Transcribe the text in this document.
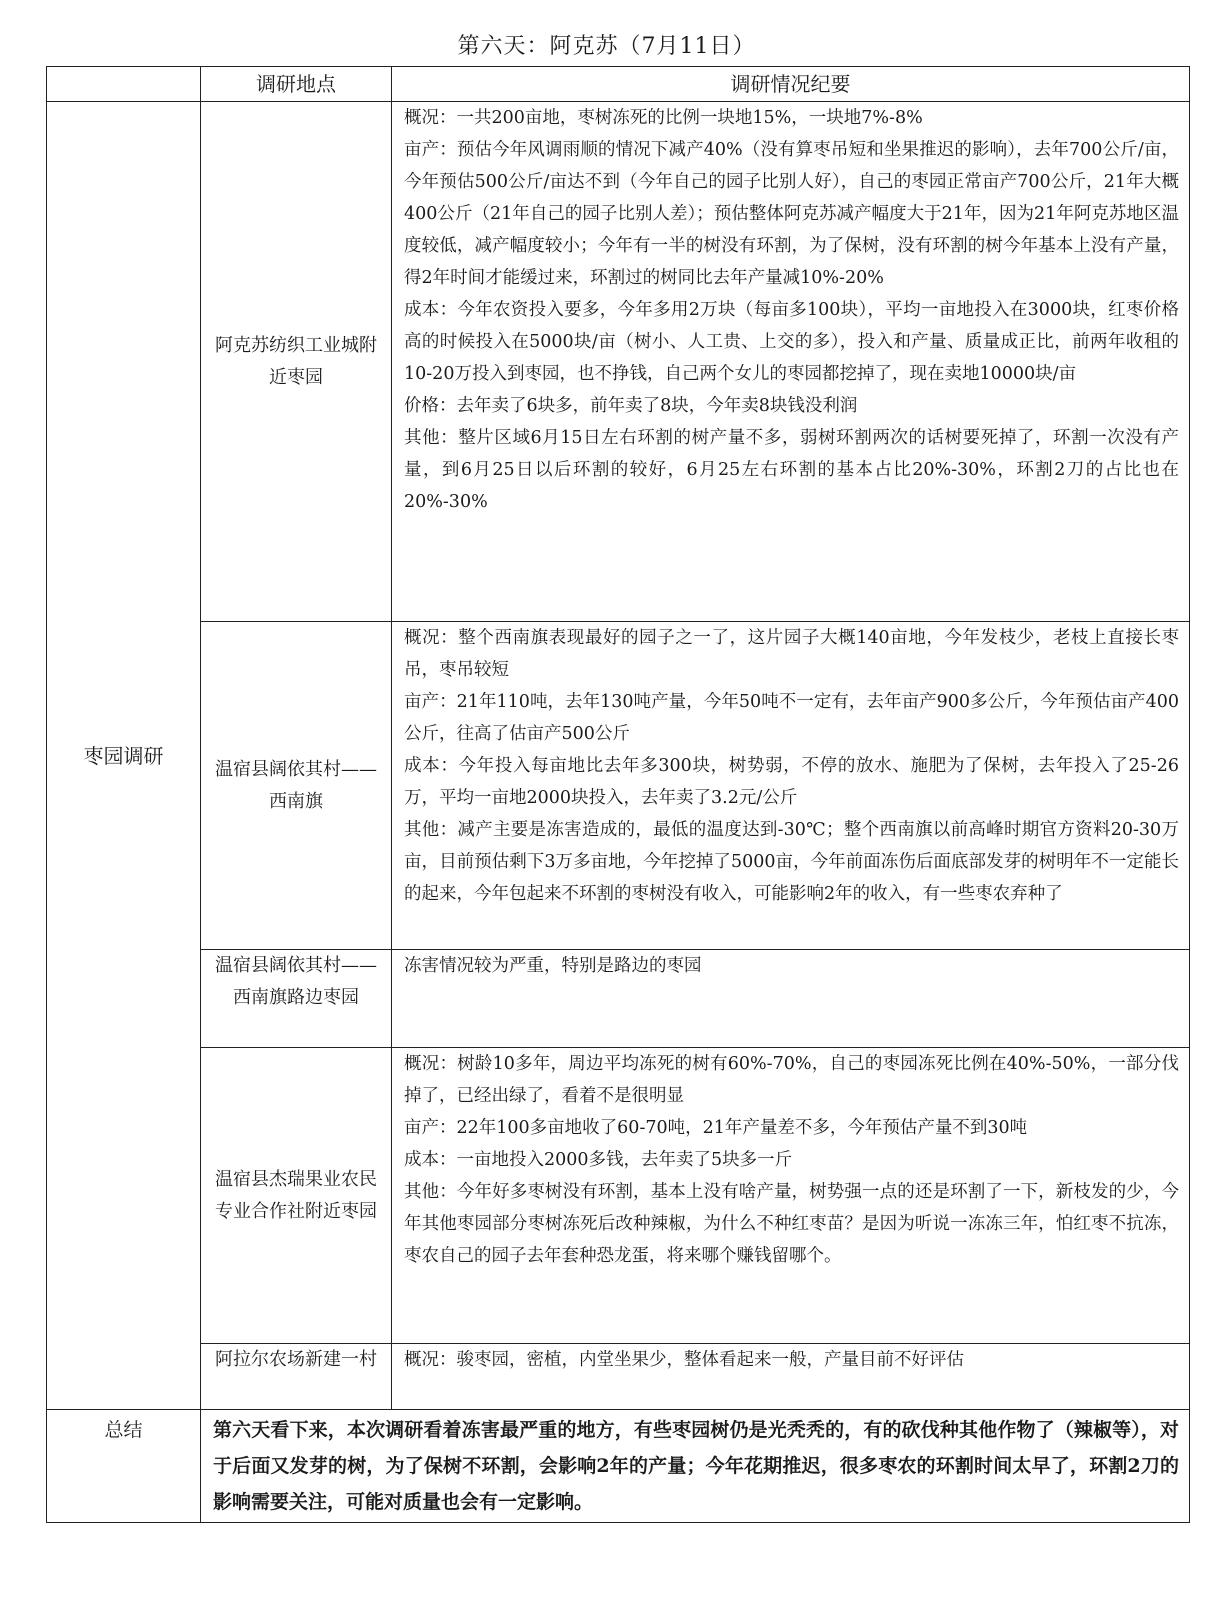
第六天：阿克苏（7月11日）
	调研地点	调研情况纪要
枣园调研	阿克苏纺织工业城附近枣园	概况：一共200亩地，枣树冻死的比例一块地15%，一块地7%-8%

亩产：预估今年风调雨顺的情况下减产40%（没有算枣吊短和坐果推迟的影响），去年700公斤/亩，今年预估500公斤/亩达不到（今年自己的园子比别人好），自己的枣园正常亩产700公斤，21年大概400公斤（21年自己的园子比别人差）；预估整体阿克苏减产幅度大于21年，因为21年阿克苏地区温度较低，减产幅度较小；今年有一半的树没有环割，为了保树，没有环割的树今年基本上没有产量，得2年时间才能缓过来，环割过的树同比去年产量减10%-20%

成本：今年农资投入要多，今年多用2万块（每亩多100块），平均一亩地投入在3000块，红枣价格高的时候投入在5000块/亩（树小、人工贵、上交的多），投入和产量、质量成正比，前两年收租的10-20万投入到枣园，也不挣钱，自己两个女儿的枣园都挖掉了，现在卖地10000块/亩

价格：去年卖了6块多，前年卖了8块，今年卖8块钱没利润

其他：整片区域6月15日左右环割的树产量不多，弱树环割两次的话树要死掉了，环割一次没有产量，到6月25日以后环割的较好，6月25左右环割的基本占比20%-30%，环割2刀的占比也在20%-30%

	温宿县阔依其村——西南旗	概况：整个西南旗表现最好的园子之一了，这片园子大概140亩地，今年发枝少，老枝上直接长枣吊，枣吊较短

亩产：21年110吨，去年130吨产量，今年50吨不一定有，去年亩产900多公斤，今年预估亩产400公斤，往高了估亩产500公斤

成本：今年投入每亩地比去年多300块，树势弱，不停的放水、施肥为了保树，去年投入了25-26万，平均一亩地2000块投入，去年卖了3.2元/公斤

其他：减产主要是冻害造成的，最低的温度达到-30℃；整个西南旗以前高峰时期官方资料20-30万亩，目前预估剩下3万多亩地，今年挖掉了5000亩，今年前面冻伤后面底部发芽的树明年不一定能长的起来，今年包起来不环割的枣树没有收入，可能影响2年的收入，有一些枣农弃种了

	温宿县阔依其村——西南旗路边枣园	冻害情况较为严重，特别是路边的枣园

	温宿县杰瑞果业农民专业合作社附近枣园	概况：树龄10多年，周边平均冻死的树有60%-70%，自己的枣园冻死比例在40%-50%，一部分伐掉了，已经出绿了，看着不是很明显

亩产：22年100多亩地收了60-70吨，21年产量差不多，今年预估产量不到30吨

成本：一亩地投入2000多钱，去年卖了5块多一斤

其他：今年好多枣树没有环割，基本上没有啥产量，树势强一点的还是环割了一下，新枝发的少，今年其他枣园部分枣树冻死后改种辣椒，为什么不种红枣苗？是因为听说一冻冻三年，怕红枣不抗冻，枣农自己的园子去年套种恐龙蛋，将来哪个赚钱留哪个。

	阿拉尔农场新建一村	概况：骏枣园，密植，内堂坐果少，整体看起来一般，产量目前不好评估

总结	第六天看下来，本次调研看着冻害最严重的地方，有些枣园树仍是光秃秃的，有的砍伐种其他作物了（辣椒等），对于后面又发芽的树，为了保树不环割，会影响2年的产量；今年花期推迟，很多枣农的环割时间太早了，环割2刀的影响需要关注，可能对质量也会有一定影响。	
